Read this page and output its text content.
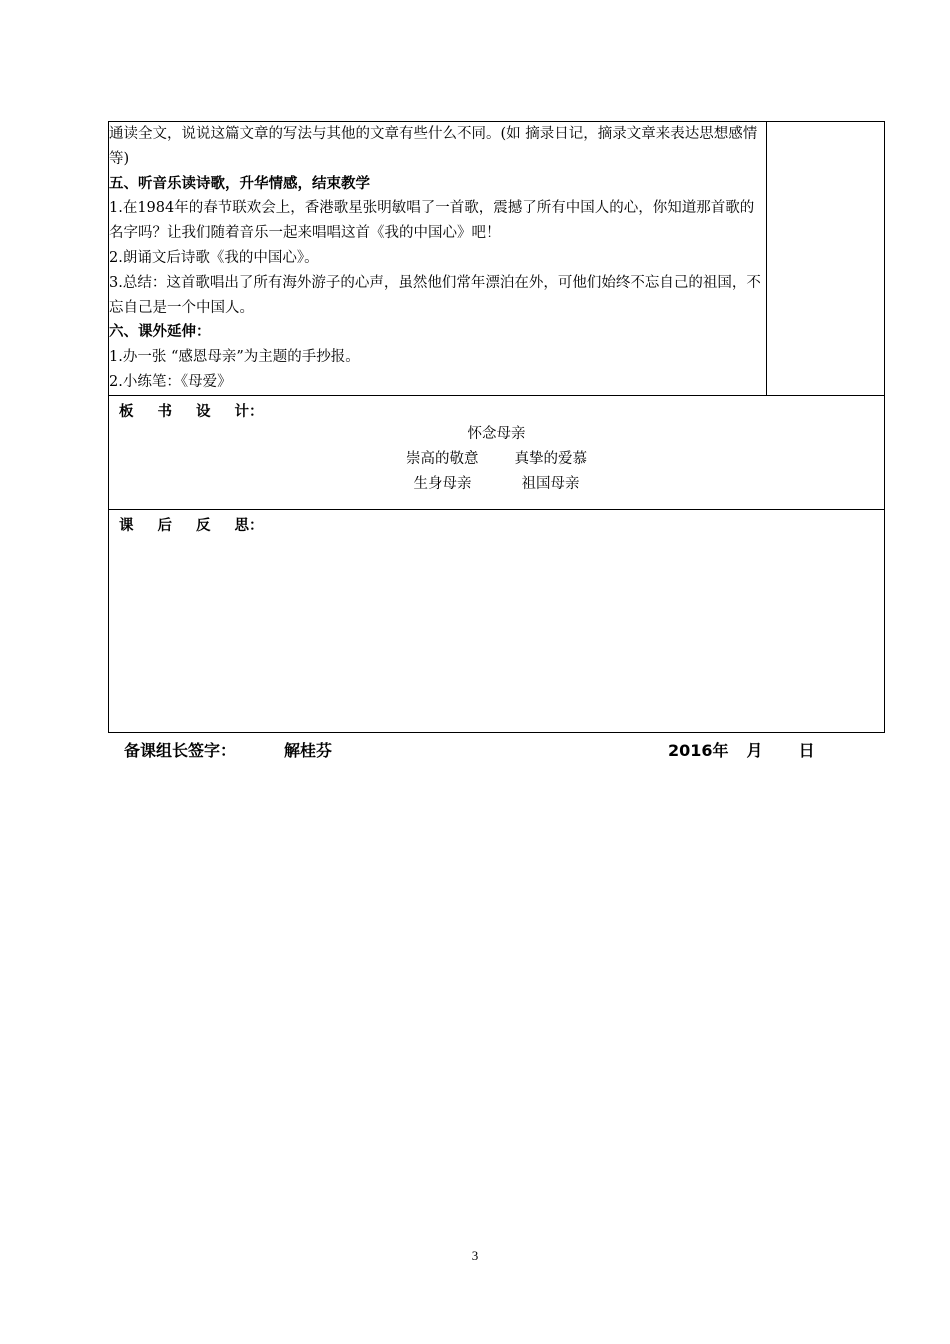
通读全文，说说这篇文章的写法与其他的文章有些什么不同。(如 摘录日记，摘录文章来表达思想感情等)

五、听音乐读诗歌，升华情感，结束教学

1.在1984年的春节联欢会上，香港歌星张明敏唱了一首歌，震撼了所有中国人的心，你知道那首歌的名字吗？让我们随着音乐一起来唱唱这首《我的中国心》吧！

2.朗诵文后诗歌《我的中国心》。

3.总结：这首歌唱出了所有海外游子的心声，虽然他们常年漂泊在外，可他们始终不忘自己的祖国，不忘自己是一个中国人。

六、课外延伸：

1.办一张 “感恩母亲”为主题的手抄报。

2.小练笔：《母爱》

板 书 设 计：
怀念母亲
崇高的敬意 真挚的爱慕
生身母亲	祖国母亲

课 后 反 思：
备课组长签字：	解桂芬	2016年 月 日
3
